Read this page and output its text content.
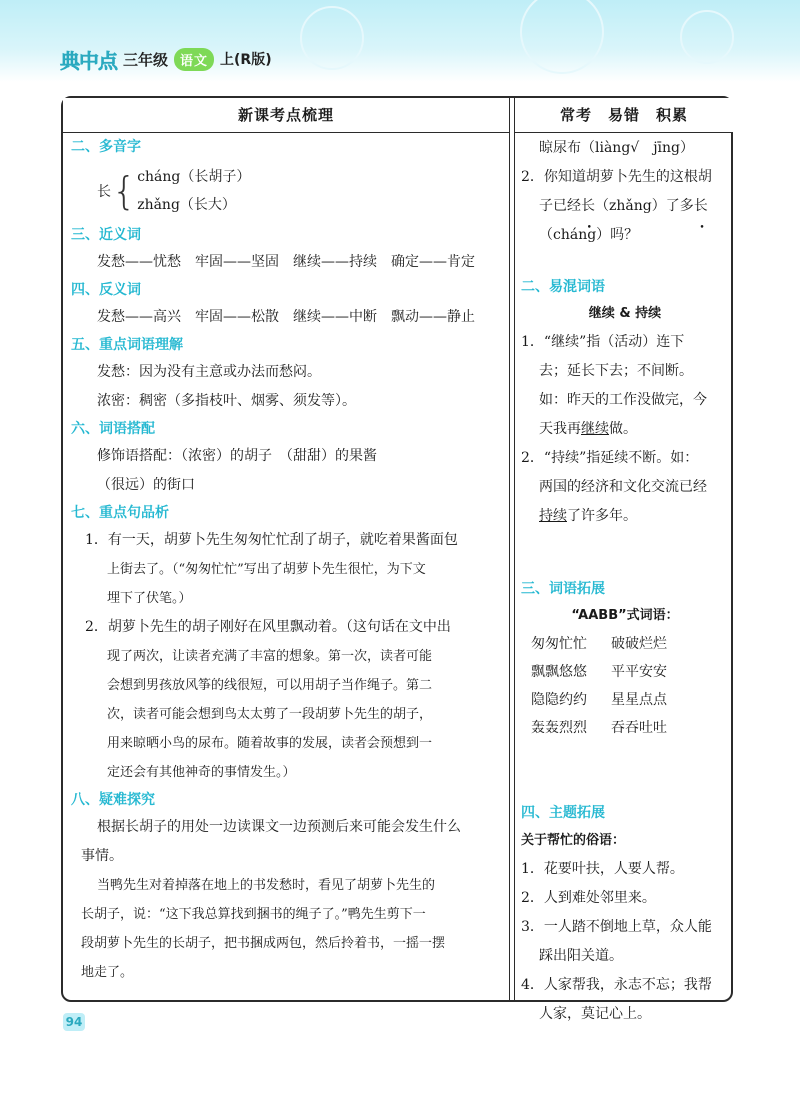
典中点 三年级 语文 上(R版)
新课考点梳理	常考　易错　积累
二、多音字
长 { cháng（长胡子）
zhǎng（长大）
三、近义词
发愁——忧愁　牢固——坚固　继续——持续　确定——肯定
四、反义词
发愁——高兴　牢固——松散　继续——中断　飘动——静止
五、重点词语理解
发愁：因为没有主意或办法而愁闷。
浓密：稠密（多指枝叶、烟雾、须发等）。
六、词语搭配
修饰语搭配：（浓密）的胡子　（甜甜）的果酱
（很远）的街口
七、重点句品析
1．有一天，胡萝卜先生匆匆忙忙刮了胡子，就吃着果酱面包
上街去了。（“匆匆忙忙”写出了胡萝卜先生很忙，为下文
埋下了伏笔。）
2．胡萝卜先生的胡子刚好在风里飘动着。（这句话在文中出
现了两次，让读者充满了丰富的想象。第一次，读者可能
会想到男孩放风筝的线很短，可以用胡子当作绳子。第二
次，读者可能会想到鸟太太剪了一段胡萝卜先生的胡子，
用来晾晒小鸟的尿布。随着故事的发展，读者会预想到一
定还会有其他神奇的事情发生。）
八、疑难探究
根据长胡子的用处一边读课文一边预测后来可能会发生什么
事情。
当鸭先生对着掉落在地上的书发愁时，看见了胡萝卜先生的
长胡子，说：“这下我总算找到捆书的绳子了。”鸭先生剪下一
段胡萝卜先生的长胡子，把书捆成两包，然后拎着书，一摇一摆
地走了。
晾尿布（liàng√　jīng）
2．你知道胡萝卜先生的这根胡
子已经长（zhǎng）了多长
（cháng）吗？
二、易混词语
继续 & 持续
1．“继续”指（活动）连下
去；延长下去；不间断。
如：昨天的工作没做完，今
天我再继续做。
2．“持续”指延续不断。如：
两国的经济和文化交流已经
持续了许多年。
三、词语拓展
“AABB”式词语：
匆匆忙忙 破破烂烂
飘飘悠悠 平平安安
隐隐约约 星星点点
轰轰烈烈 吞吞吐吐
四、主题拓展
关于帮忙的俗语：
1．花要叶扶，人要人帮。
2．人到难处邻里来。
3．一人踏不倒地上草，众人能
踩出阳关道。
4．人家帮我，永志不忘；我帮
人家，莫记心上。
94
